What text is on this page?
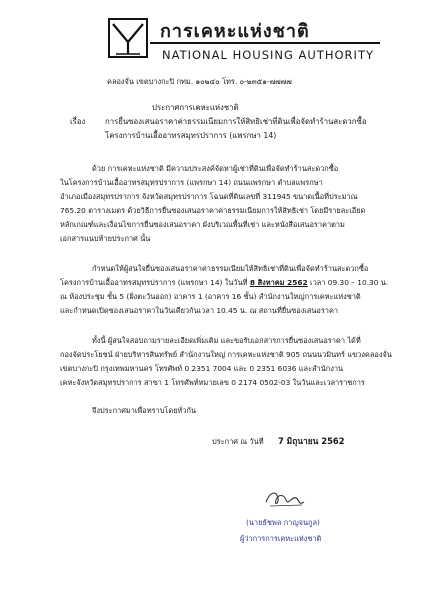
การเคหะแห่งชาติ
NATIONAL HOUSING AUTHORITY
คลองจั่น เขตบางกะปิ กทม. ๑๐๒๔๐ โทร. ๐-๒๓๕๑-๗๗๗๗
ประกาศการเคหะแห่งชาติ
เรื่อง	การยื่นซองเสนอราคาค่าธรรมเนียมการให้สิทธิเช่าที่ดินเพื่อจัดทำร้านสะดวกซื้อ
โครงการบ้านเอื้ออาทรสมุทรปราการ (แพรกษา 14)
ด้วย การเคหะแห่งชาติ มีความประสงค์จัดหาผู้เช่าที่ดินเพื่อจัดทำร้านสะดวกซื้อ
ในโครงการบ้านเอื้ออาทรสมุทรปราการ (แพรกษา 14) ถนนแพรกษา ตำบลแพรกษา
อำเภอเมืองสมุทรปราการ จังหวัดสมุทรปราการ โฉนดที่ดินเลขที่ 311945 ขนาดเนื้อที่ประมาณ
765.20 ตารางเมตร ด้วยวิธีการยื่นซองเสนอราคาค่าธรรมเนียมการให้สิทธิเช่า โดยมีรายละเอียด
หลักเกณฑ์และเงื่อนไขการยื่นซองเสนอราคา ผังบริเวณพื้นที่เช่า และหนังสือเสนอราคาตาม
เอกสารแนบท้ายประกาศ นั้น
กำหนดให้ผู้สนใจยื่นซองเสนอราคาค่าธรรมเนียมให้สิทธิเช่าที่ดินเพื่อจัดทำร้านสะดวกซื้อ
โครงการบ้านเอื้ออาทรสมุทรปราการ (แพรกษา 14) ในวันที่ 8 สิงหาคม 2562 เวลา 09.30 – 10.30 น.
ณ ห้องประชุม ชั้น 5 (ฝั่งตะวันออก) อาคาร 1 (อาคาร 16 ชั้น) สำนักงานใหญ่การเคหะแห่งชาติ
และกำหนดเปิดซองเสนอราคาในวันเดียวกันเวลา 10.45 น. ณ สถานที่ยื่นซองเสนอราคา
ทั้งนี้ ผู้สนใจสอบถามรายละเอียดเพิ่มเติม และขอรับเอกสารการยื่นซองเสนอราคา ได้ที่
กองจัดประโยชน์ ฝ่ายบริหารสินทรัพย์ สำนักงานใหญ่ การเคหะแห่งชาติ 905 ถนนนวมินทร์ แขวงคลองจั่น
เขตบางกะปิ กรุงเทพมหานคร โทรศัพท์ 0 2351 7004 และ 0 2351 6036 และสำนักงาน
เคหะจังหวัดสมุทรปราการ สาขา 1 โทรศัพท์หมายเลข 0 2174 0502-03 ในวันและเวลาราชการ
จึงประกาศมาเพื่อทราบโดยทั่วกัน
ประกาศ ณ วันที่ 7 มิถุนายน 2562
(นายธัชพล กาญจนกูล)
ผู้ว่าการการเคหะแห่งชาติ
